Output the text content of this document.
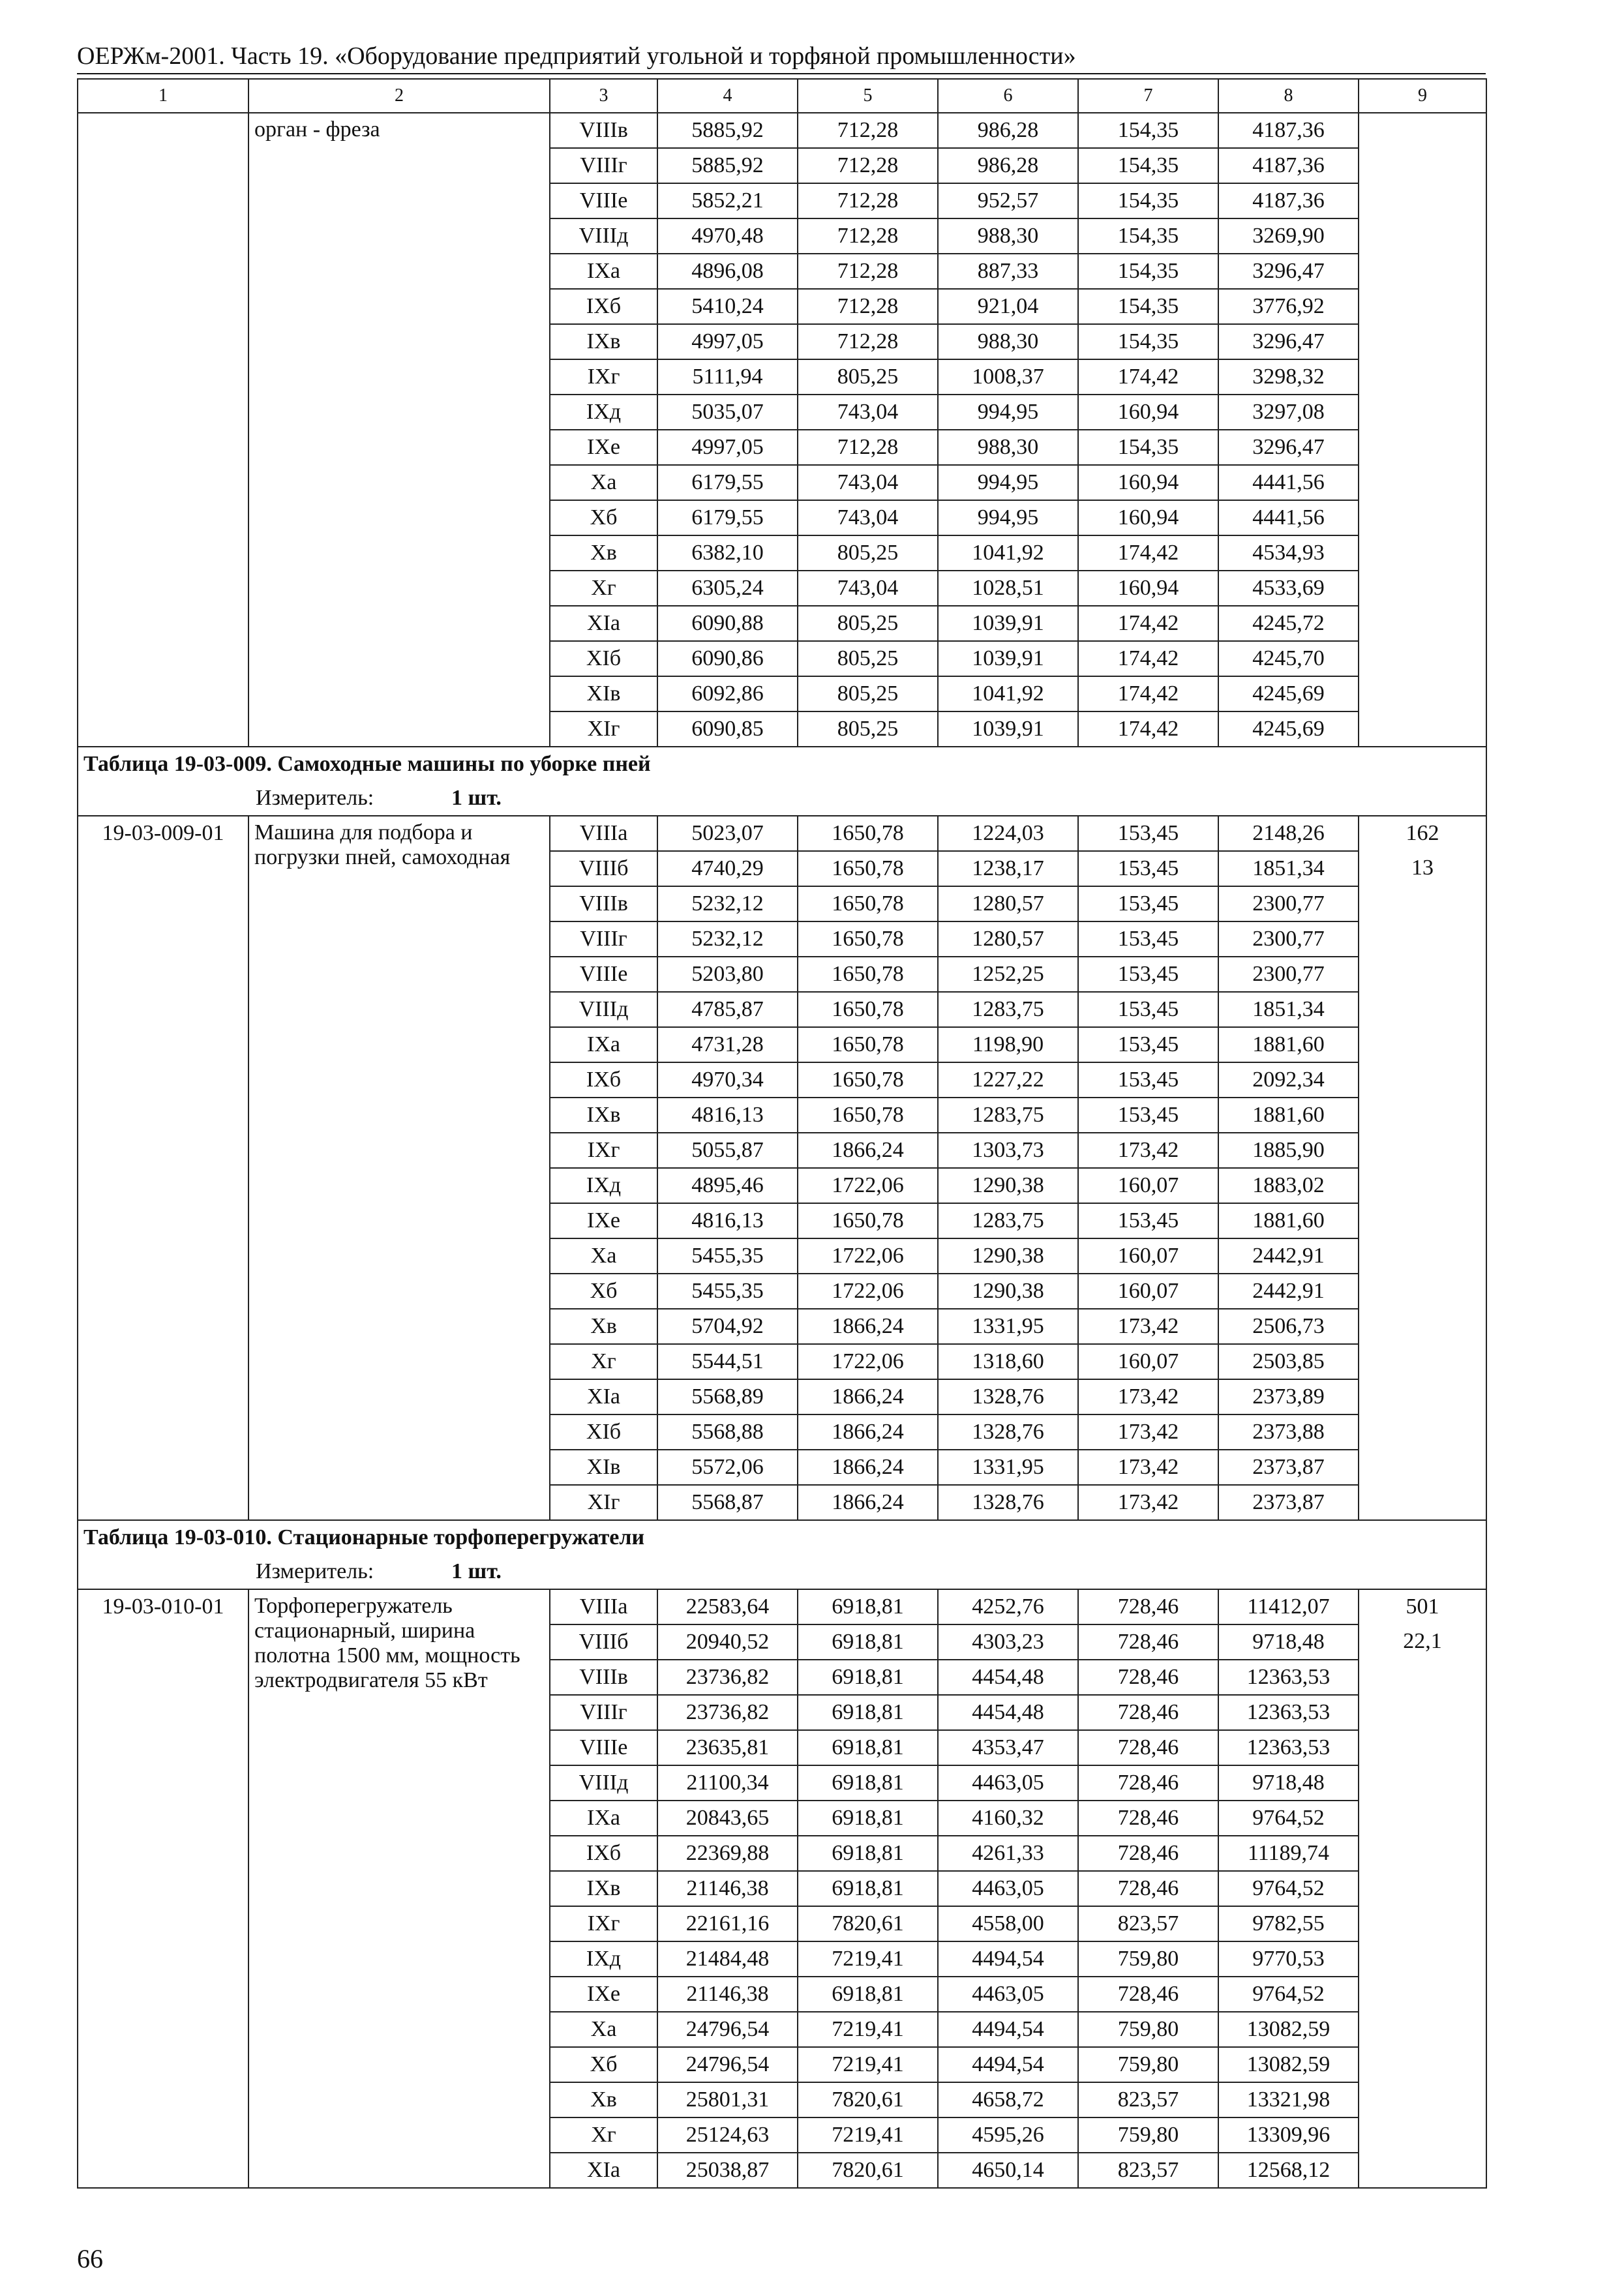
ОЕРЖм-2001. Часть 19. «Оборудование предприятий угольной и торфяной промышленности»
1	2	3	4	5	6	7	8	9

	орган - фреза	VIIIв	5885,92	712,28	986,28	154,35	4187,36	
		VIIIг	5885,92	712,28	986,28	154,35	4187,36	
		VIIIе	5852,21	712,28	952,57	154,35	4187,36	
		VIIIд	4970,48	712,28	988,30	154,35	3269,90	
		IXа	4896,08	712,28	887,33	154,35	3296,47	
		IXб	5410,24	712,28	921,04	154,35	3776,92	
		IXв	4997,05	712,28	988,30	154,35	3296,47	
		IXг	5111,94	805,25	1008,37	174,42	3298,32	
		IXд	5035,07	743,04	994,95	160,94	3297,08	
		IXе	4997,05	712,28	988,30	154,35	3296,47	
		Xа	6179,55	743,04	994,95	160,94	4441,56	
		Xб	6179,55	743,04	994,95	160,94	4441,56	
		Xв	6382,10	805,25	1041,92	174,42	4534,93	
		Xг	6305,24	743,04	1028,51	160,94	4533,69	
		XIа	6090,88	805,25	1039,91	174,42	4245,72	
		XIб	6090,86	805,25	1039,91	174,42	4245,70	
		XIв	6092,86	805,25	1041,92	174,42	4245,69	
		XIг	6090,85	805,25	1039,91	174,42	4245,69	
Таблица 19-03-009. Самоходные машины по уборке пней								
Измеритель: 1 шт.								
19-03-009-01	Машина для подбора и погрузки пней, самоходная	VIIIа	5023,07	1650,78	1224,03	153,45	2148,26	162
		VIIIб	4740,29	1650,78	1238,17	153,45	1851,34	13
		VIIIв	5232,12	1650,78	1280,57	153,45	2300,77	
		VIIIг	5232,12	1650,78	1280,57	153,45	2300,77	
		VIIIе	5203,80	1650,78	1252,25	153,45	2300,77	
		VIIIд	4785,87	1650,78	1283,75	153,45	1851,34	
		IXа	4731,28	1650,78	1198,90	153,45	1881,60	
		IXб	4970,34	1650,78	1227,22	153,45	2092,34	
		IXв	4816,13	1650,78	1283,75	153,45	1881,60	
		IXг	5055,87	1866,24	1303,73	173,42	1885,90	
		IXд	4895,46	1722,06	1290,38	160,07	1883,02	
		IXе	4816,13	1650,78	1283,75	153,45	1881,60	
		Xа	5455,35	1722,06	1290,38	160,07	2442,91	
		Xб	5455,35	1722,06	1290,38	160,07	2442,91	
		Xв	5704,92	1866,24	1331,95	173,42	2506,73	
		Xг	5544,51	1722,06	1318,60	160,07	2503,85	
		XIа	5568,89	1866,24	1328,76	173,42	2373,89	
		XIб	5568,88	1866,24	1328,76	173,42	2373,88	
		XIв	5572,06	1866,24	1331,95	173,42	2373,87	
		XIг	5568,87	1866,24	1328,76	173,42	2373,87	
Таблица 19-03-010. Стационарные торфоперегружатели								
Измеритель: 1 шт.								
19-03-010-01	Торфоперегружатель стационарный, ширина полотна 1500 мм, мощность электродвигателя 55 кВт	VIIIа	22583,64	6918,81	4252,76	728,46	11412,07	501
		VIIIб	20940,52	6918,81	4303,23	728,46	9718,48	22,1
		VIIIв	23736,82	6918,81	4454,48	728,46	12363,53	
		VIIIг	23736,82	6918,81	4454,48	728,46	12363,53	
		VIIIе	23635,81	6918,81	4353,47	728,46	12363,53	
		VIIIд	21100,34	6918,81	4463,05	728,46	9718,48	
		IXа	20843,65	6918,81	4160,32	728,46	9764,52	
		IXб	22369,88	6918,81	4261,33	728,46	11189,74	
		IXв	21146,38	6918,81	4463,05	728,46	9764,52	
		IXг	22161,16	7820,61	4558,00	823,57	9782,55	
		IXд	21484,48	7219,41	4494,54	759,80	9770,53	
		IXе	21146,38	6918,81	4463,05	728,46	9764,52	
		Xа	24796,54	7219,41	4494,54	759,80	13082,59	
		Xб	24796,54	7219,41	4494,54	759,80	13082,59	
		Xв	25801,31	7820,61	4658,72	823,57	13321,98	
		Xг	25124,63	7219,41	4595,26	759,80	13309,96	
		XIа	25038,87	7820,61	4650,14	823,57	12568,12	
66
